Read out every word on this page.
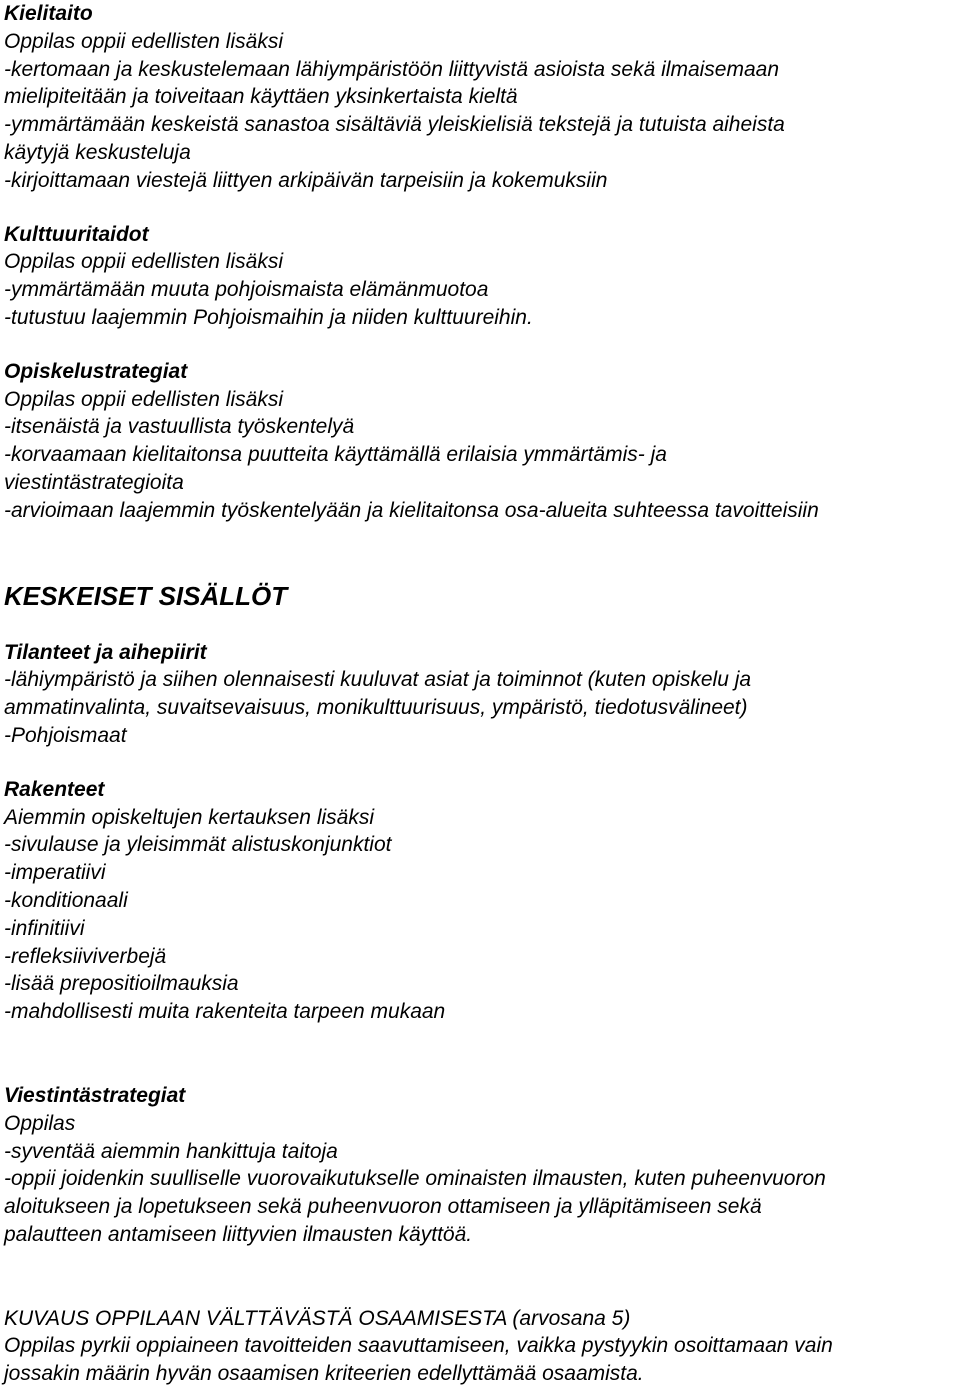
Kielitaito
Oppilas oppii edellisten lisäksi
-kertomaan ja keskustelemaan lähiympäristöön liittyvistä asioista sekä ilmaisemaan
mielipiteitään ja toiveitaan käyttäen yksinkertaista kieltä
-ymmärtämään keskeistä sanastoa sisältäviä yleiskielisiä tekstejä ja tutuista aiheista
käytyjä keskusteluja
-kirjoittamaan viestejä liittyen arkipäivän tarpeisiin ja kokemuksiin
Kulttuuritaidot
Oppilas oppii edellisten lisäksi
-ymmärtämään muuta pohjoismaista elämänmuotoa
-tutustuu laajemmin Pohjoismaihin ja niiden kulttuureihin.
Opiskelustrategiat
Oppilas oppii edellisten lisäksi
-itsenäistä ja vastuullista työskentelyä
-korvaamaan kielitaitonsa puutteita käyttämällä erilaisia ymmärtämis- ja
viestintästrategioita
-arvioimaan laajemmin työskentelyään ja kielitaitonsa osa-alueita suhteessa tavoitteisiin
KESKEISET SISÄLLÖT
Tilanteet ja aihepiirit
-lähiympäristö ja siihen olennaisesti kuuluvat asiat ja toiminnot (kuten opiskelu ja
ammatinvalinta, suvaitsevaisuus, monikulttuurisuus, ympäristö, tiedotusvälineet)
-Pohjoismaat
Rakenteet
Aiemmin opiskeltujen kertauksen lisäksi
-sivulause ja yleisimmät alistuskonjunktiot
-imperatiivi
-konditionaali
-infinitiivi
-refleksiiviverbejä
-lisää prepositioilmauksia
-mahdollisesti muita rakenteita tarpeen mukaan
Viestintästrategiat
Oppilas
-syventää aiemmin hankittuja taitoja
-oppii joidenkin suulliselle vuorovaikutukselle ominaisten ilmausten, kuten puheenvuoron
aloitukseen ja lopetukseen sekä puheenvuoron ottamiseen ja ylläpitämiseen sekä
palautteen antamiseen liittyvien ilmausten käyttöä.
KUVAUS OPPILAAN VÄLTTÄVÄSTÄ OSAAMISESTA (arvosana 5)
Oppilas pyrkii oppiaineen tavoitteiden saavuttamiseen, vaikka pystyykin osoittamaan vain
jossakin määrin hyvän osaamisen kriteerien edellyttämää osaamista.
